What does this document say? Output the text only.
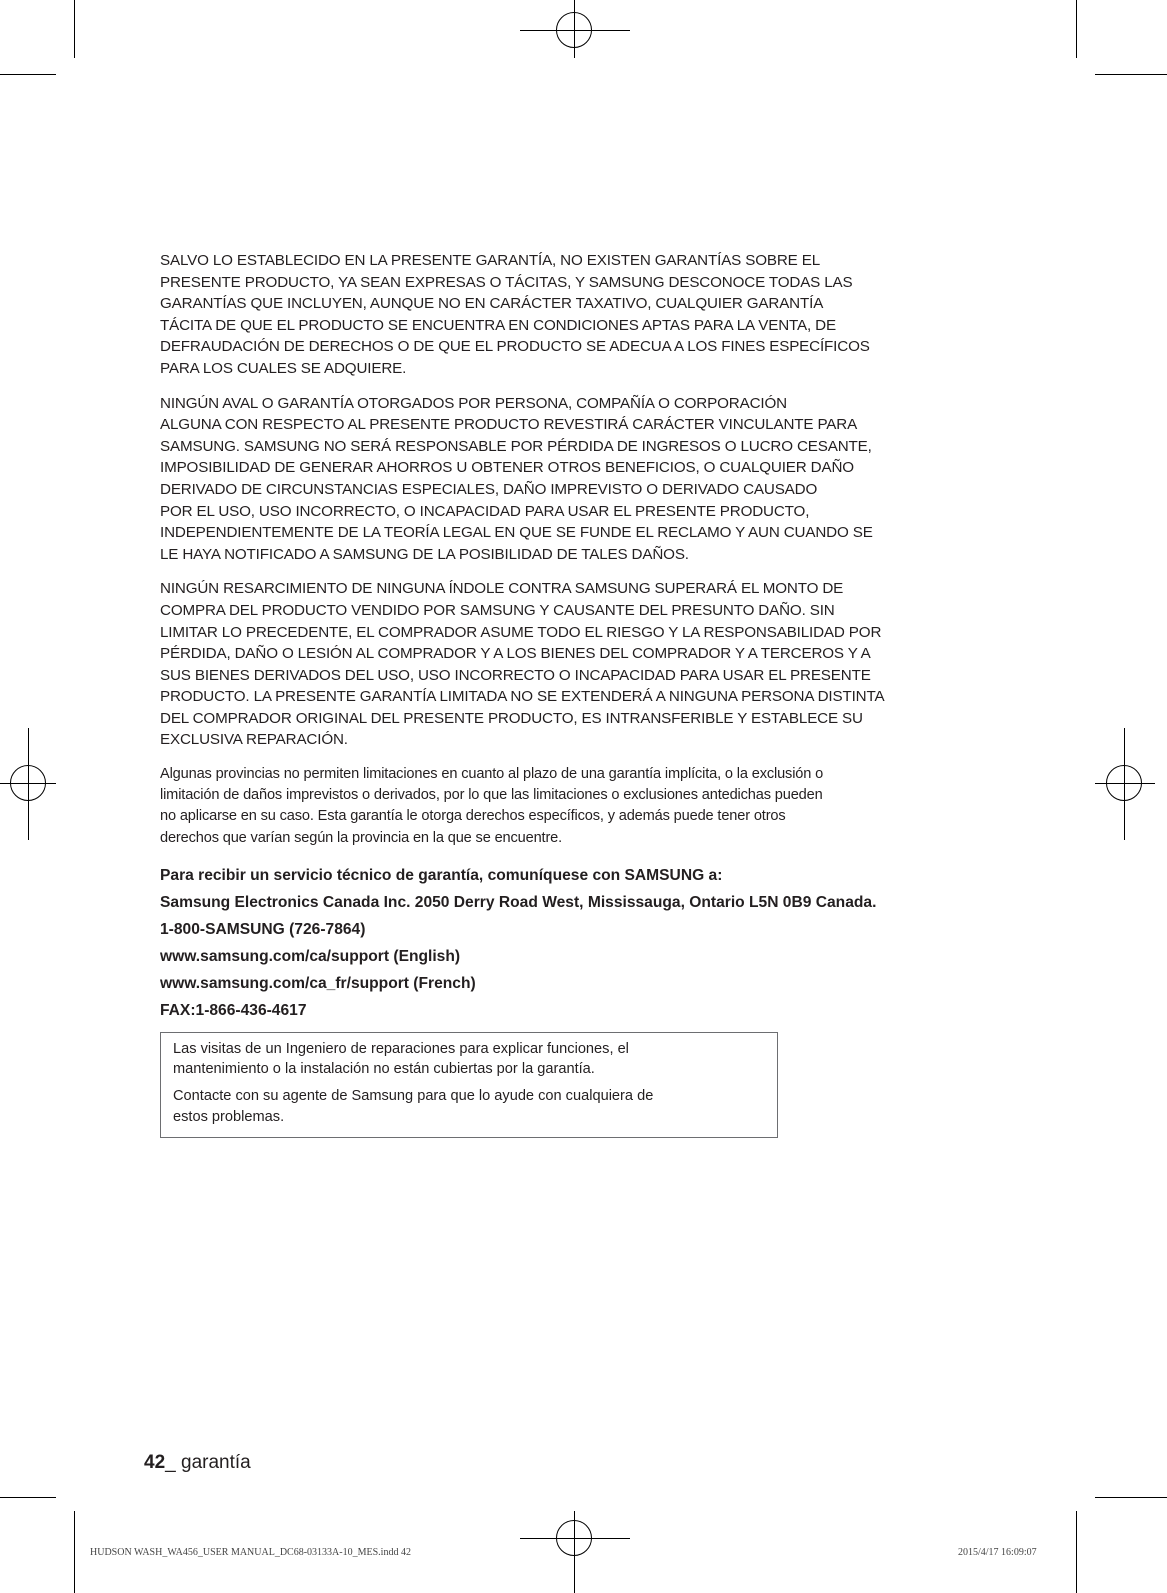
SALVO LO ESTABLECIDO EN LA PRESENTE GARANTÍA, NO EXISTEN GARANTÍAS SOBRE EL
PRESENTE PRODUCTO, YA SEAN EXPRESAS O TÁCITAS, Y SAMSUNG DESCONOCE TODAS LAS
GARANTÍAS QUE INCLUYEN, AUNQUE NO EN CARÁCTER TAXATIVO, CUALQUIER GARANTÍA
TÁCITA DE QUE EL PRODUCTO SE ENCUENTRA EN CONDICIONES APTAS PARA LA VENTA, DE
DEFRAUDACIÓN DE DERECHOS O DE QUE EL PRODUCTO SE ADECUA A LOS FINES ESPECÍFICOS
PARA LOS CUALES SE ADQUIERE.
NINGÚN AVAL O GARANTÍA OTORGADOS POR PERSONA, COMPAÑÍA O CORPORACIÓN
ALGUNA CON RESPECTO AL PRESENTE PRODUCTO REVESTIRÁ CARÁCTER VINCULANTE PARA
SAMSUNG. SAMSUNG NO SERÁ RESPONSABLE POR PÉRDIDA DE INGRESOS O LUCRO CESANTE,
IMPOSIBILIDAD DE GENERAR AHORROS U OBTENER OTROS BENEFICIOS, O CUALQUIER DAÑO
DERIVADO DE CIRCUNSTANCIAS ESPECIALES, DAÑO IMPREVISTO O DERIVADO CAUSADO
POR EL USO, USO INCORRECTO, O INCAPACIDAD PARA USAR EL PRESENTE PRODUCTO,
INDEPENDIENTEMENTE DE LA TEORÍA LEGAL EN QUE SE FUNDE EL RECLAMO Y AUN CUANDO SE
LE HAYA NOTIFICADO A SAMSUNG DE LA POSIBILIDAD DE TALES DAÑOS.
NINGÚN RESARCIMIENTO DE NINGUNA ÍNDOLE CONTRA SAMSUNG SUPERARÁ EL MONTO DE
COMPRA DEL PRODUCTO VENDIDO POR SAMSUNG Y CAUSANTE DEL PRESUNTO DAÑO. SIN
LIMITAR LO PRECEDENTE, EL COMPRADOR ASUME TODO EL RIESGO Y LA RESPONSABILIDAD POR
PÉRDIDA, DAÑO O LESIÓN AL COMPRADOR Y A LOS BIENES DEL COMPRADOR Y A TERCEROS Y A
SUS BIENES DERIVADOS DEL USO, USO INCORRECTO O INCAPACIDAD PARA USAR EL PRESENTE
PRODUCTO. LA PRESENTE GARANTÍA LIMITADA NO SE EXTENDERÁ A NINGUNA PERSONA DISTINTA
DEL COMPRADOR ORIGINAL DEL PRESENTE PRODUCTO, ES INTRANSFERIBLE Y ESTABLECE SU
EXCLUSIVA REPARACIÓN.
Algunas provincias no permiten limitaciones en cuanto al plazo de una garantía implícita, o la exclusión o
limitación de daños imprevistos o derivados, por lo que las limitaciones o exclusiones antedichas pueden
no aplicarse en su caso. Esta garantía le otorga derechos específicos, y además puede tener otros
derechos que varían según la provincia en la que se encuentre.
Para recibir un servicio técnico de garantía, comuníquese con SAMSUNG a:
Samsung Electronics Canada Inc. 2050 Derry Road West, Mississauga, Ontario L5N 0B9 Canada.
1-800-SAMSUNG (726-7864)
www.samsung.com/ca/support (English)
www.samsung.com/ca_fr/support (French)
FAX:1-866-436-4617
Las visitas de un Ingeniero de reparaciones para explicar funciones, el
mantenimiento o la instalación no están cubiertas por la garantía.
Contacte con su agente de Samsung para que lo ayude con cualquiera de
estos problemas.
42_ garantía
HUDSON WASH_WA456_USER MANUAL_DC68-03133A-10_MES.indd 42	2015/4/17 16:09:07
